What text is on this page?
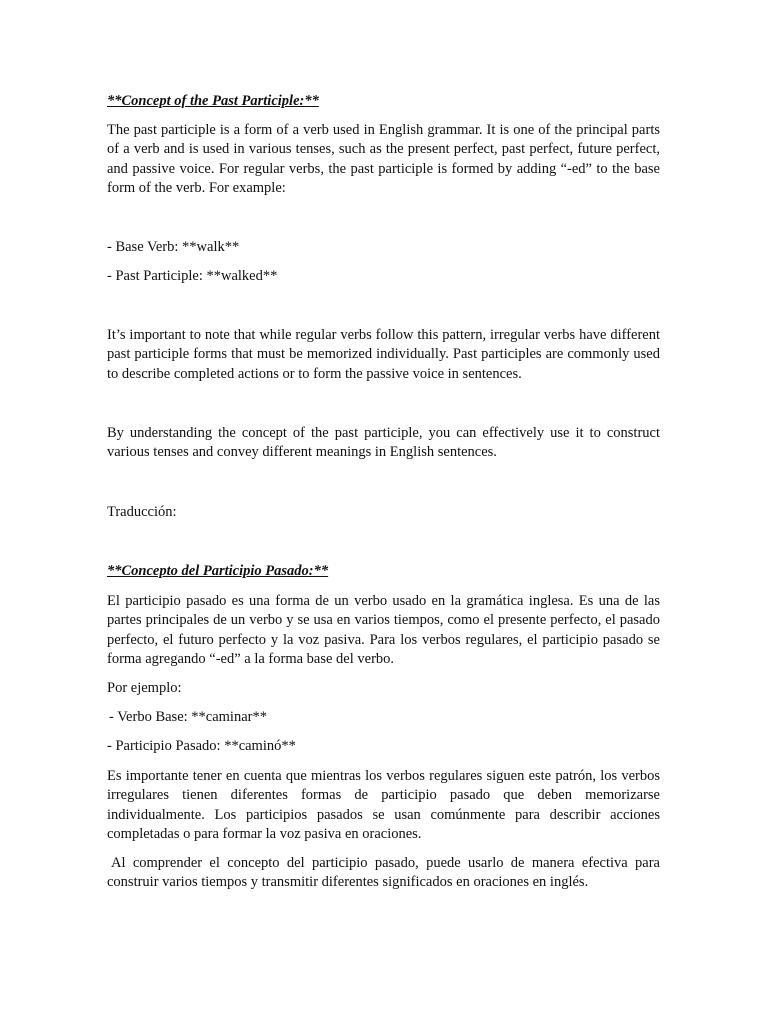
**Concept of the Past Participle:**

The past participle is a form of a verb used in English grammar. It is one of the principal parts of a verb and is used in various tenses, such as the present perfect, past perfect, future perfect, and passive voice. For regular verbs, the past participle is formed by adding “-ed” to the base form of the verb. For example:

- Base Verb: **walk**
- Past Participle: **walked**

It’s important to note that while regular verbs follow this pattern, irregular verbs have different past participle forms that must be memorized individually. Past participles are commonly used to describe completed actions or to form the passive voice in sentences.

By understanding the concept of the past participle, you can effectively use it to construct various tenses and convey different meanings in English sentences.

Traducción:
**Concepto del Participio Pasado:**

El participio pasado es una forma de un verbo usado en la gramática inglesa. Es una de las partes principales de un verbo y se usa en varios tiempos, como el presente perfecto, el pasado perfecto, el futuro perfecto y la voz pasiva. Para los verbos regulares, el participio pasado se forma agregando “-ed” a la forma base del verbo.

Por ejemplo:
- Verbo Base: **caminar**
- Participio Pasado: **caminó**

Es importante tener en cuenta que mientras los verbos regulares siguen este patrón, los verbos irregulares tienen diferentes formas de participio pasado que deben memorizarse individualmente. Los participios pasados se usan comúnmente para describir acciones completadas o para formar la voz pasiva en oraciones.

Al comprender el concepto del participio pasado, puede usarlo de manera efectiva para construir varios tiempos y transmitir diferentes significados en oraciones en inglés.
